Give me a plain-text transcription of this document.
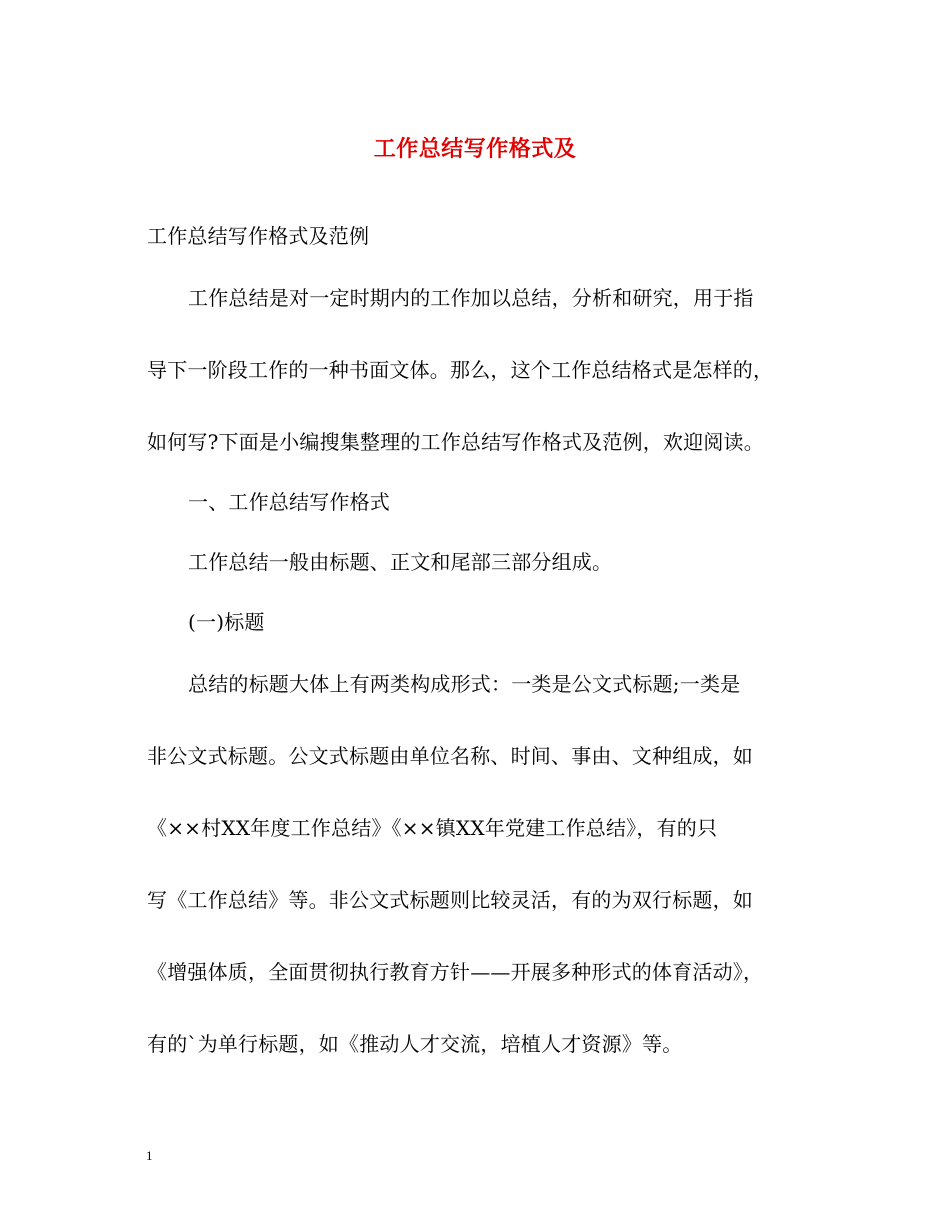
工作总结写作格式及
工作总结写作格式及范例
工作总结是对一定时期内的工作加以总结，分析和研究，用于指
导下一阶段工作的一种书面文体。那么，这个工作总结格式是怎样的，
如何写?下面是小编搜集整理的工作总结写作格式及范例，欢迎阅读。
一、工作总结写作格式
工作总结一般由标题、正文和尾部三部分组成。
(一)标题
总结的标题大体上有两类构成形式：一类是公文式标题;一类是
非公文式标题。公文式标题由单位名称、时间、事由、文种组成，如
《××村XX年度工作总结》《××镇XX年党建工作总结》，有的只
写《工作总结》等。非公文式标题则比较灵活，有的为双行标题，如
《增强体质，全面贯彻执行教育方针——开展多种形式的体育活动》，
有的`为单行标题，如《推动人才交流，培植人才资源》等。
1
